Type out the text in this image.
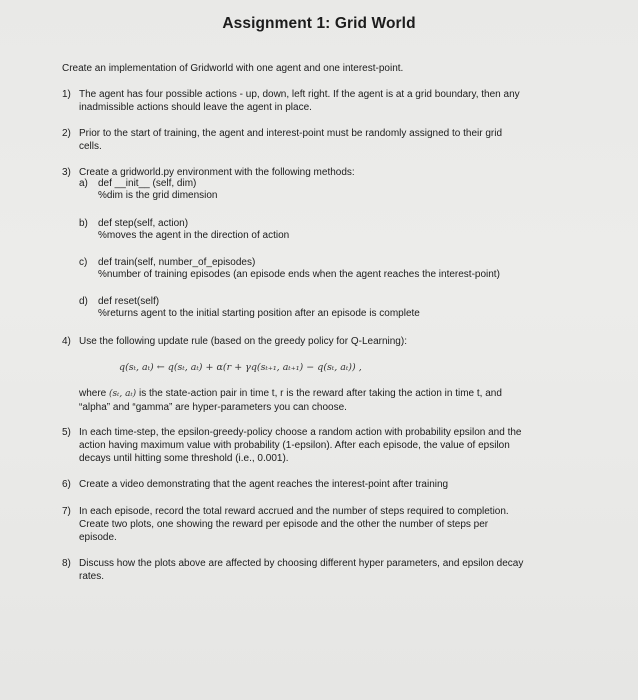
Assignment 1: Grid World
Create an implementation of Gridworld with one agent and one interest-point.
1) The agent has four possible actions - up, down, left right. If the agent is at a grid boundary, then any
inadmissible actions should leave the agent in place.
2) Prior to the start of training, the agent and interest-point must be randomly assigned to their grid
cells.
3) Create a gridworld.py environment with the following methods:
a) def __init__ (self, dim)
%dim is the grid dimension
b) def step(self, action)
%moves the agent in the direction of action
c) def train(self, number_of_episodes)
%number of training episodes (an episode ends when the agent reaches the interest-point)
d) def reset(self)
%returns agent to the initial starting position after an episode is complete
4) Use the following update rule (based on the greedy policy for Q-Learning):
q(sₜ, aₜ) ← q(sₜ, aₜ) + α(r + γq(sₜ₊₁, aₜ₊₁) − q(sₜ, aₜ)) ,
where (sₜ, aₜ) is the state-action pair in time t, r is the reward after taking the action in time t, and
“alpha” and “gamma” are hyper-parameters you can choose.
5) In each time-step, the epsilon-greedy-policy choose a random action with probability epsilon and the
action having maximum value with probability (1-epsilon). After each episode, the value of epsilon
decays until hitting some threshold (i.e., 0.001).
6) Create a video demonstrating that the agent reaches the interest-point after training
7) In each episode, record the total reward accrued and the number of steps required to completion.
Create two plots, one showing the reward per episode and the other the number of steps per
episode.
8) Discuss how the plots above are affected by choosing different hyper parameters, and epsilon decay
rates.
